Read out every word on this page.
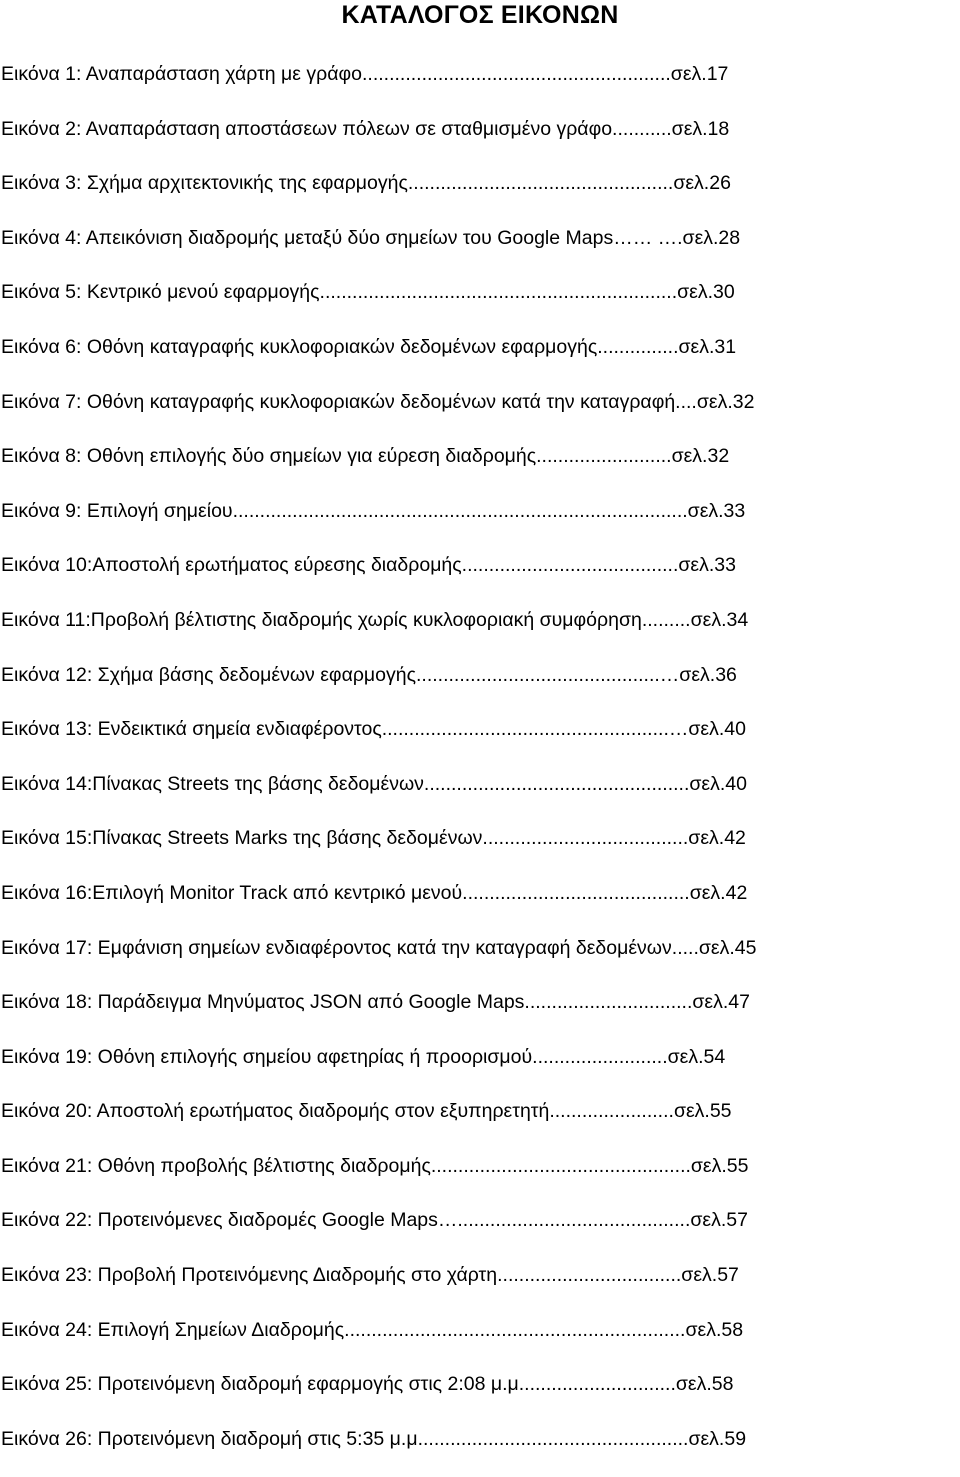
ΚΑΤΑΛΟΓΟΣ ΕΙΚΟΝΩΝ
Εικόνα 1: Αναπαράσταση χάρτη με γράφο.........................................................σελ.17
Εικόνα 2: Αναπαράσταση αποστάσεων πόλεων σε σταθμισμένο γράφο...........σελ.18
Εικόνα 3: Σχήμα αρχιτεκτονικής της εφαρμογής.................................................σελ.26
Εικόνα 4: Απεικόνιση διαδρομής μεταξύ δύο σημείων του Google Maps…… ….σελ.28
Εικόνα 5: Κεντρικό μενού εφαρμογής..................................................................σελ.30
Εικόνα 6: Οθόνη καταγραφής κυκλοφοριακών δεδομένων εφαρμογής...............σελ.31
Εικόνα 7: Οθόνη καταγραφής κυκλοφοριακών δεδομένων κατά την καταγραφή....σελ.32
Εικόνα 8: Οθόνη επιλογής δύο σημείων για εύρεση διαδρομής.........................σελ.32
Εικόνα 9: Επιλογή σημείου....................................................................................σελ.33
Εικόνα 10:Αποστολή ερωτήματος εύρεσης διαδρομής........................................σελ.33
Εικόνα 11:Προβολή βέλτιστης διαδρομής χωρίς κυκλοφοριακή συμφόρηση.........σελ.34
Εικόνα 12: Σχήμα βάσης δεδομένων εφαρμογής.............................................…σελ.36
Εικόνα 13: Ενδεικτικά σημεία ενδιαφέροντος.....................................................…σελ.40
Εικόνα 14:Πίνακας Streets της βάσης δεδομένων.................................................σελ.40
Εικόνα 15:Πίνακας Streets Marks της βάσης δεδομένων......................................σελ.42
Εικόνα 16:Επιλογή Monitor Track από κεντρικό μενού..........................................σελ.42
Εικόνα 17: Εμφάνιση σημείων ενδιαφέροντος κατά την καταγραφή δεδομένων.....σελ.45
Εικόνα 18: Παράδειγμα Μηνύματος JSON από Google Maps...............................σελ.47
Εικόνα 19: Οθόνη επιλογής σημείου αφετηρίας ή προορισμού.........................σελ.54
Εικόνα 20: Αποστολή ερωτήματος διαδρομής στον εξυπηρετητή.......................σελ.55
Εικόνα 21: Οθόνη προβολής βέλτιστης διαδρομής................................................σελ.55
Εικόνα 22: Προτεινόμενες διαδρομές Google Maps…...........................................σελ.57
Εικόνα 23: Προβολή Προτεινόμενης Διαδρομής στο χάρτη..................................σελ.57
Εικόνα 24: Επιλογή Σημείων Διαδρομής...............................................................σελ.58
Εικόνα 25: Προτεινόμενη διαδρομή εφαρμογής στις 2:08 μ.μ.............................σελ.58
Εικόνα 26: Προτεινόμενη διαδρομή στις 5:35 μ.μ..................................................σελ.59
